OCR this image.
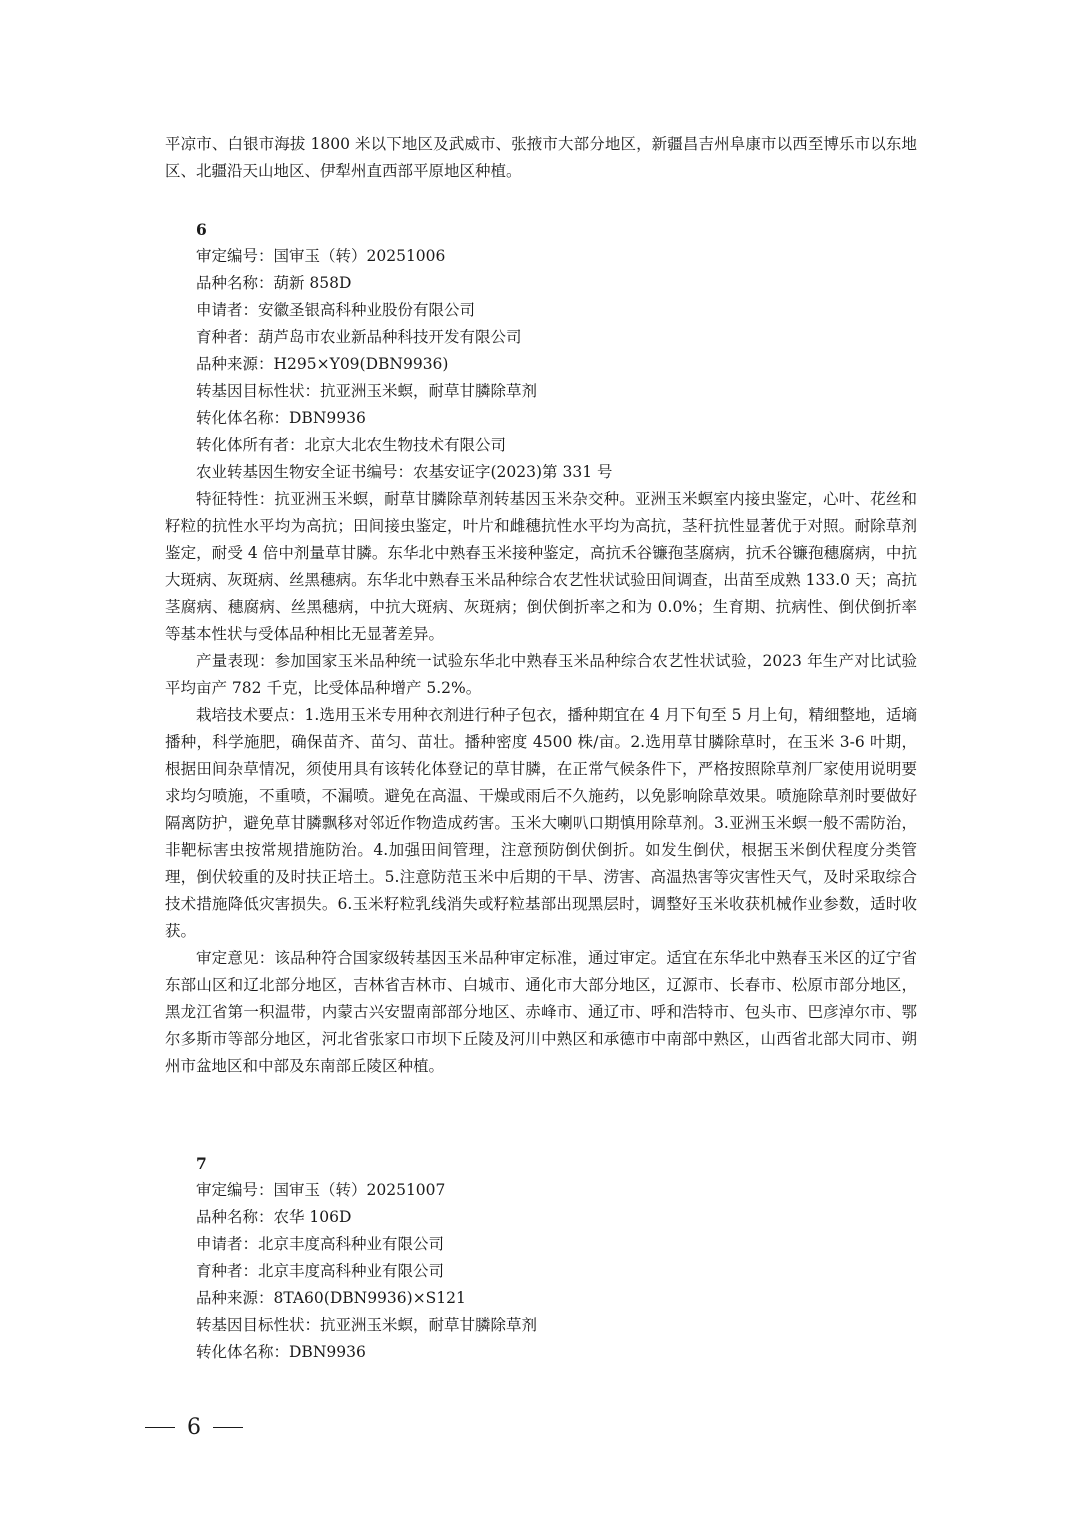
平凉市、白银市海拔 1800 米以下地区及武威市、张掖市大部分地区，新疆昌吉州阜康市以西至博乐市以东地区、北疆沿天山地区、伊犁州直西部平原地区种植。

6

审定编号：国审玉（转）20251006

品种名称：葫新 858D

申请者：安徽圣银高科种业股份有限公司

育种者：葫芦岛市农业新品种科技开发有限公司

品种来源：H295×Y09(DBN9936)

转基因目标性状：抗亚洲玉米螟，耐草甘膦除草剂

转化体名称：DBN9936

转化体所有者：北京大北农生物技术有限公司

农业转基因生物安全证书编号：农基安证字(2023)第 331 号

特征特性：抗亚洲玉米螟，耐草甘膦除草剂转基因玉米杂交种。亚洲玉米螟室内接虫鉴定，心叶、花丝和籽粒的抗性水平均为高抗；田间接虫鉴定，叶片和雌穗抗性水平均为高抗，茎秆抗性显著优于对照。耐除草剂鉴定，耐受 4 倍中剂量草甘膦。东华北中熟春玉米接种鉴定，高抗禾谷镰孢茎腐病，抗禾谷镰孢穗腐病，中抗大斑病、灰斑病、丝黑穗病。东华北中熟春玉米品种综合农艺性状试验田间调查，出苗至成熟 133.0 天；高抗茎腐病、穗腐病、丝黑穗病，中抗大斑病、灰斑病；倒伏倒折率之和为 0.0%；生育期、抗病性、倒伏倒折率等基本性状与受体品种相比无显著差异。

产量表现：参加国家玉米品种统一试验东华北中熟春玉米品种综合农艺性状试验，2023 年生产对比试验平均亩产 782 千克，比受体品种增产 5.2%。

栽培技术要点：1.选用玉米专用种衣剂进行种子包衣，播种期宜在 4 月下旬至 5 月上旬，精细整地，适墒播种，科学施肥，确保苗齐、苗匀、苗壮。播种密度 4500 株/亩。2.选用草甘膦除草时，在玉米 3-6 叶期，根据田间杂草情况，须使用具有该转化体登记的草甘膦，在正常气候条件下，严格按照除草剂厂家使用说明要求均匀喷施，不重喷，不漏喷。避免在高温、干燥或雨后不久施药，以免影响除草效果。喷施除草剂时要做好隔离防护，避免草甘膦飘移对邻近作物造成药害。玉米大喇叭口期慎用除草剂。3.亚洲玉米螟一般不需防治，非靶标害虫按常规措施防治。4.加强田间管理，注意预防倒伏倒折。如发生倒伏，根据玉米倒伏程度分类管理，倒伏较重的及时扶正培土。5.注意防范玉米中后期的干旱、涝害、高温热害等灾害性天气，及时采取综合技术措施降低灾害损失。6.玉米籽粒乳线消失或籽粒基部出现黑层时，调整好玉米收获机械作业参数，适时收获。

审定意见：该品种符合国家级转基因玉米品种审定标准，通过审定。适宜在东华北中熟春玉米区的辽宁省东部山区和辽北部分地区，吉林省吉林市、白城市、通化市大部分地区，辽源市、长春市、松原市部分地区，黑龙江省第一积温带，内蒙古兴安盟南部部分地区、赤峰市、通辽市、呼和浩特市、包头市、巴彦淖尔市、鄂尔多斯市等部分地区，河北省张家口市坝下丘陵及河川中熟区和承德市中南部中熟区，山西省北部大同市、朔州市盆地区和中部及东南部丘陵区种植。

7

审定编号：国审玉（转）20251007

品种名称：农华 106D

申请者：北京丰度高科种业有限公司

育种者：北京丰度高科种业有限公司

品种来源：8TA60(DBN9936)×S121

转基因目标性状：抗亚洲玉米螟，耐草甘膦除草剂

转化体名称：DBN9936

6
